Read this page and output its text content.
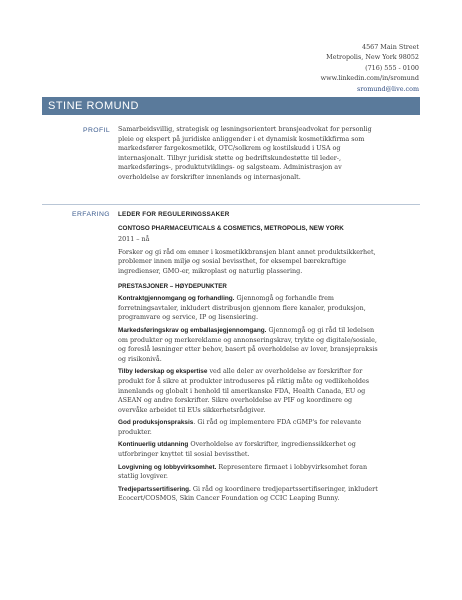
4567 Main Street
Metropolis, New York 98052
(716) 555 - 0100
www.linkedin.com/in/sromund
sromund@live.com
STINE ROMUND
PROFIL Samarbeidsvillig, strategisk og løsningsorientert bransjeadvokat for personlig pleie og ekspert på juridiske anliggender i et dynamisk kosmetikkfirma som markedsfører fargekosmetikk, OTC/solkrem og kostilskudd i USA og internasjonalt. Tilbyr juridisk støtte og bedriftskundestøtte til leder-, markedsførings-, produktutviklings- og salgsteam. Administrasjon av overholdelse av forskrifter innenlands og internasjonalt.
ERFARING LEDER FOR REGULERINGSSAKER
CONTOSO PHARMACEUTICALS & COSMETICS, METROPOLIS, NEW YORK
2011 – nå
Forsker og gi råd om emner i kosmetikkbransjen blant annet produktsikkerhet, problemer innen miljø og sosial bevissthet, for eksempel bærekraftige ingredienser, GMO-er, mikroplast og naturlig plassering.
PRESTASJONER – HØYDEPUNKTER
Kontraktgjennomgang og forhandling. Gjennomgå og forhandle frem forretningsavtaler, inkludert distribusjon gjennom flere kanaler, produksjon, programvare og service, IP og lisensiering.
Markedsføringskrav og emballasjegjennomgang. Gjennomgå og gi råd til ledelsen om produkter og merkereklame og annonseringskrav, trykte og digitale/sosiale, og foreslå løsninger etter behov, basert på overholdelse av lover, bransjepraksis og risikonivå.
Tilby lederskap og ekspertise ved alle deler av overholdelse av forskrifter for produkt for å sikre at produkter introduseres på riktig måte og vedlikeholdes innenlands og globalt i henhold til amerikanske FDA, Health Canada, EU og ASEAN og andre forskrifter. Sikre overholdelse av PIF og koordinere og overvåke arbeidet til EUs sikkerhetsrådgiver.
God produksjonspraksis. Gi råd og implementere FDA cGMP's for relevante produkter.
Kontinuerlig utdanning Overholdelse av forskrifter, ingredienssikkerhet og utforbringer knyttet til sosial bevissthet.
Lovgivning og lobbyvirksomhet. Representere firmaet i lobbyvirksomhet foran statlig lovgiver.
Tredjepartssertifisering. Gi råd og koordinere tredjepartssertifiseringer, inkludert Ecocert/COSMOS, Skin Cancer Foundation og CCIC Leaping Bunny.
